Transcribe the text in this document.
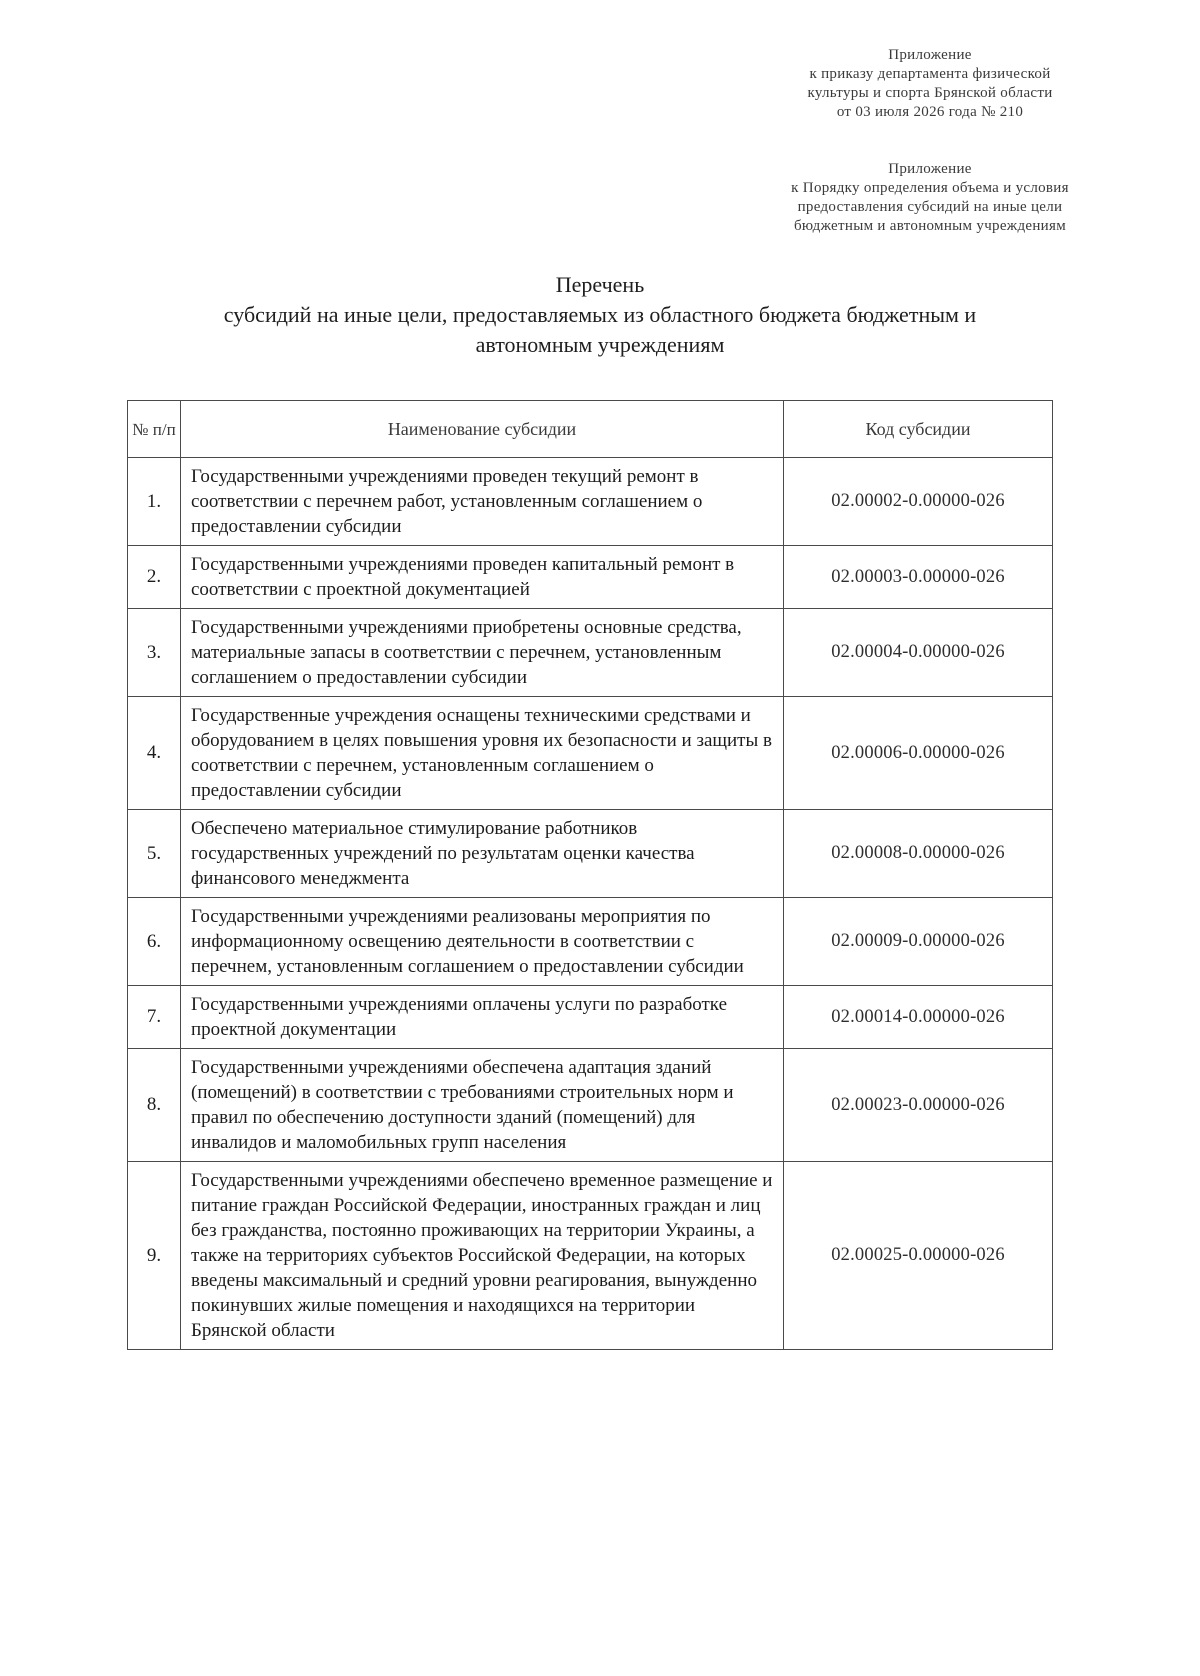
Приложение
к приказу департамента физической
культуры и спорта Брянской области
от 03 июля 2026 года № 210
Приложение
к Порядку определения объема и условия
предоставления субсидий на иные цели
бюджетным и автономным учреждениям
Перечень
субсидий на иные цели, предоставляемых из областного бюджета бюджетным и
автономным учреждениям
№ п/п	Наименование субсидии	Код субсидии
1.	Государственными учреждениями проведен текущий ремонт в соответствии с перечнем работ, установленным соглашением о предоставлении субсидии	02.00002-0.00000-026
2.	Государственными учреждениями проведен капитальный ремонт в соответствии с проектной документацией	02.00003-0.00000-026
3.	Государственными учреждениями приобретены основные средства, материальные запасы в соответствии с перечнем, установленным соглашением о предоставлении субсидии	02.00004-0.00000-026
4.	Государственные учреждения оснащены техническими средствами и оборудованием в целях повышения уровня их безопасности и защиты в соответствии с перечнем, установленным соглашением о предоставлении субсидии	02.00006-0.00000-026
5.	Обеспечено материальное стимулирование работников государственных учреждений по результатам оценки качества финансового менеджмента	02.00008-0.00000-026
6.	Государственными учреждениями реализованы мероприятия по информационному освещению деятельности в соответствии с перечнем, установленным соглашением о предоставлении субсидии	02.00009-0.00000-026
7.	Государственными учреждениями оплачены услуги по разработке проектной документации	02.00014-0.00000-026
8.	Государственными учреждениями обеспечена адаптация зданий (помещений) в соответствии с требованиями строительных норм и правил по обеспечению доступности зданий (помещений) для инвалидов и маломобильных групп населения	02.00023-0.00000-026
9.	Государственными учреждениями обеспечено временное размещение и питание граждан Российской Федерации, иностранных граждан и лиц без гражданства, постоянно проживающих на территории Украины, а также на территориях субъектов Российской Федерации, на которых введены максимальный и средний уровни реагирования, вынужденно покинувших жилые помещения и находящихся на территории Брянской области	02.00025-0.00000-026
